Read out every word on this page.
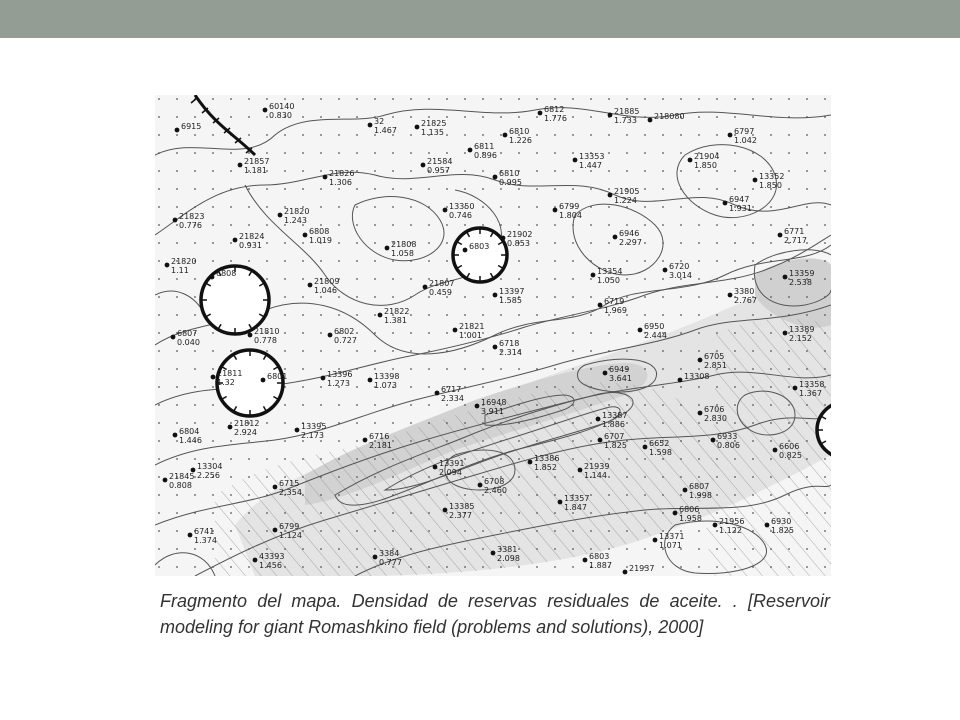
6915
60140
0.830
32
1.467
21825
1.135
6812
1.776
21885
1.733 218080
6797
1.042
6811
0.896
6810
1.226
13353
1.447
21904
1.850
21857
1.181
21584
0.957
21826
1.306
6810
0.995
21905
1.224
13352
1.850
21823
0.776
21820
1.243
13350
0.746
6799
1.804
6947
1.931
21824
0.931
6808
1.019	21808
1.058
21902
0.853
6946
2.297
6771
2.717
21820
1.11	6808
6803
13354
1.050
6720
3.014	13359
2.538
21809
1.046
21807
0.459	13397
1.585	6719
1.969
3380
2.767
21822
1.381
21810
0.778
6802
0.727
21821
1.001
6950
2.444
13389
2.152
6807
0.040	6718
2.314	6705
2.851
21811
1.32
6949
3.641	13308
6801	13396
1.273
13398
1.073	6717
2.334 16948
3.911	6706
2.830
13387
1.886
13358
1.367
6933
0.806
21812
2.924
13395
2.173	6716
2.181
6707
1.825
6804
1.446	6652
1.598
6606
0.825
13304
2.256
13386
1.852
13391
2.094
21939
1.144
21845
0.808	6708
2.460
6715
2.354
6807
1.998
13357
1.847	6806
1.958
13385
2.377
21956
1.122
6930
1.825
6799
1.124	13371
1.071
6741
1.374
43393
1.456
3381
2.098
3384
0.777
6803
1.887 21937

Fragmento del mapa. Densidad de reservas residuales de aceite. . [Reservoir modeling for giant Romashkino field (problems and solutions), 2000]
